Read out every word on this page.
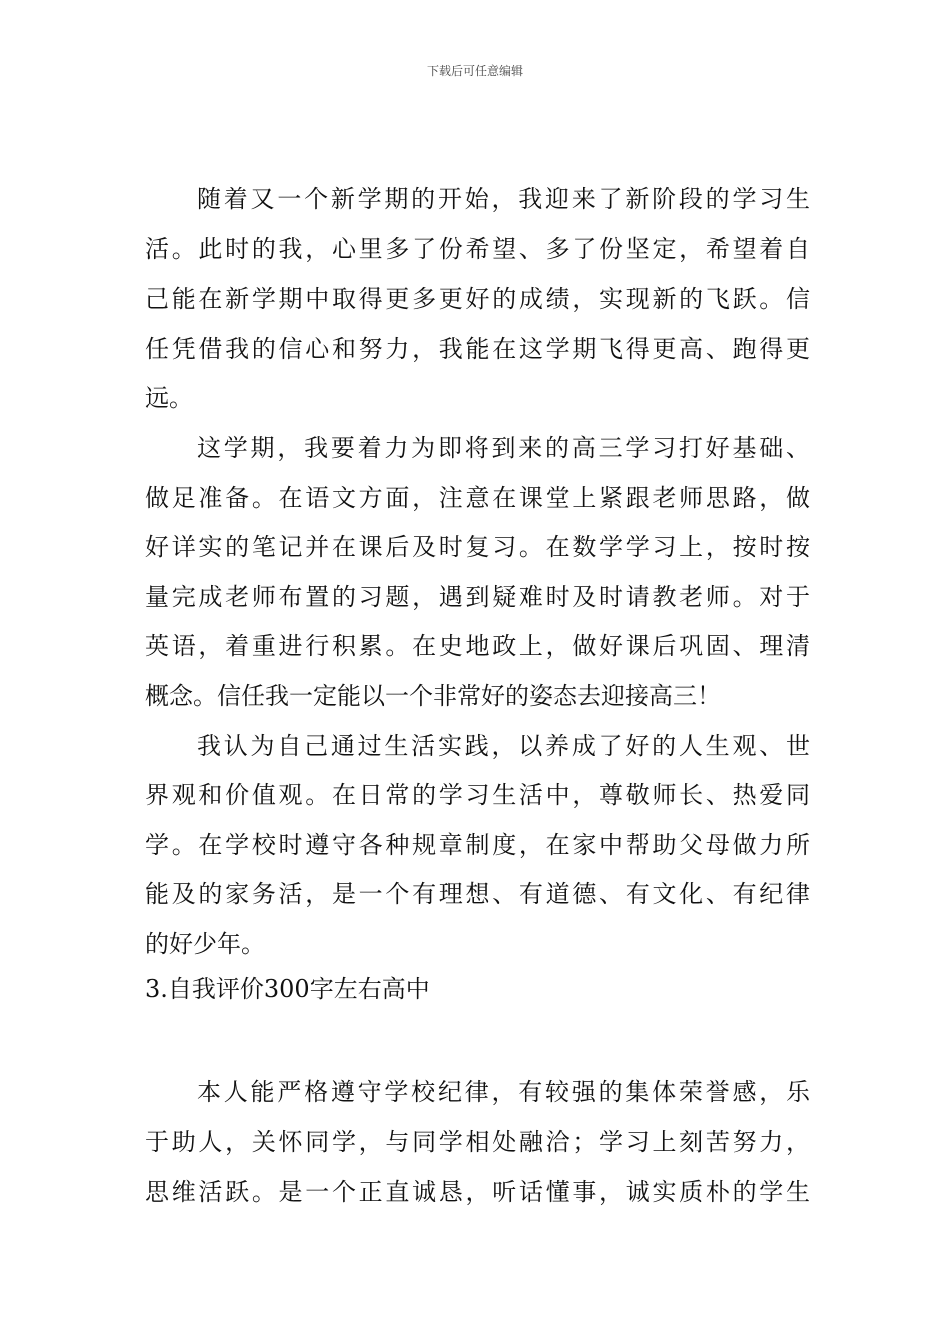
下载后可任意编辑
随着又一个新学期的开始，我迎来了新阶段的学习生
活。此时的我，心里多了份希望、多了份坚定，希望着自
己能在新学期中取得更多更好的成绩，实现新的飞跃。信
任凭借我的信心和努力，我能在这学期飞得更高、跑得更
远。
这学期，我要着力为即将到来的高三学习打好基础、
做足准备。在语文方面，注意在课堂上紧跟老师思路，做
好详实的笔记并在课后及时复习。在数学学习上，按时按
量完成老师布置的习题，遇到疑难时及时请教老师。对于
英语，着重进行积累。在史地政上，做好课后巩固、理清
概念。信任我一定能以一个非常好的姿态去迎接高三！
我认为自己通过生活实践，以养成了好的人生观、世
界观和价值观。在日常的学习生活中，尊敬师长、热爱同
学。在学校时遵守各种规章制度，在家中帮助父母做力所
能及的家务活，是一个有理想、有道德、有文化、有纪律
的好少年。
3.自我评价300字左右高中
本人能严格遵守学校纪律，有较强的集体荣誉感，乐
于助人，关怀同学，与同学相处融洽；学习上刻苦努力，
思维活跃。是一个正直诚恳，听话懂事，诚实质朴的学生
